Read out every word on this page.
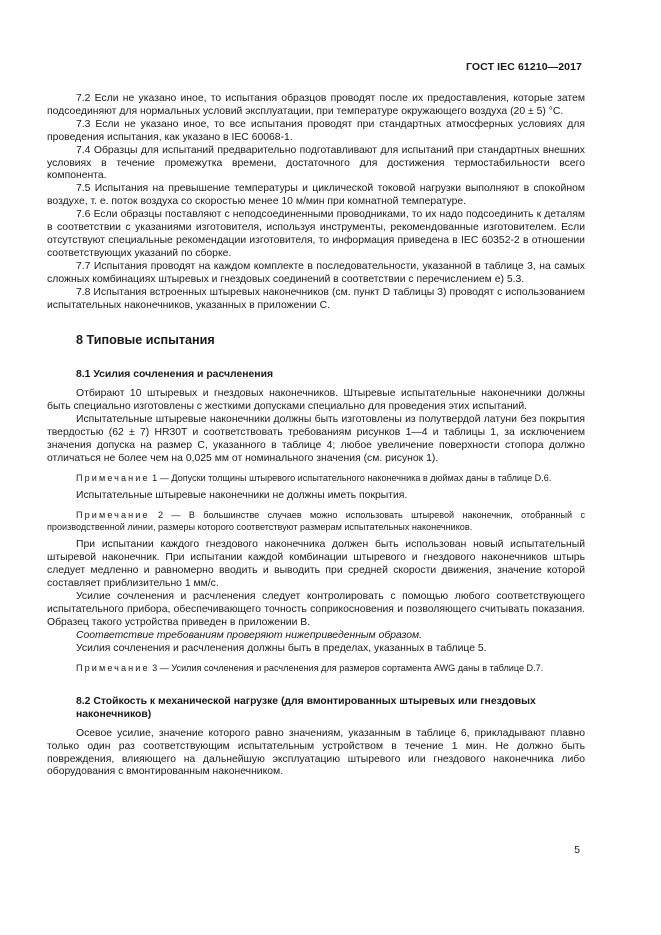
ГОСТ IEC 61210—2017

7.2 Если не указано иное, то испытания образцов проводят после их предоставления, которые затем подсоединяют для нормальных условий эксплуатации, при температуре окружающего воздуха (20 ± 5) °С.

7.3 Если не указано иное, то все испытания проводят при стандартных атмосферных условиях для проведения испытания, как указано в IEC 60068-1.

7.4 Образцы для испытаний предварительно подготавливают для испытаний при стандартных внешних условиях в течение промежутка времени, достаточного для достижения термостабильности всего компонента.

7.5 Испытания на превышение температуры и циклической токовой нагрузки выполняют в спокойном воздухе, т. е. поток воздуха со скоростью менее 10 м/мин при комнатной температуре.

7.6 Если образцы поставляют с неподсоединенными проводниками, то их надо подсоединить к деталям в соответствии с указаниями изготовителя, используя инструменты, рекомендованные изготовителем. Если отсутствуют специальные рекомендации изготовителя, то информация приведена в IEC 60352-2 в отношении соответствующих указаний по сборке.

7.7 Испытания проводят на каждом комплекте в последовательности, указанной в таблице 3, на самых сложных комбинациях штыревых и гнездовых соединений в соответствии с перечислением е) 5.3.

7.8 Испытания встроенных штыревых наконечников (см. пункт D таблицы 3) проводят с использованием испытательных наконечников, указанных в приложении С.

8 Типовые испытания
8.1 Усилия сочленения и расчленения

Отбирают 10 штыревых и гнездовых наконечников. Штыревые испытательные наконечники должны быть специально изготовлены с жесткими допусками специально для проведения этих испытаний.

Испытательные штыревые наконечники должны быть изготовлены из полутвердой латуни без покрытия твердостью (62 ± 7) HR30T и соответствовать требованиям рисунков 1—4 и таблицы 1, за исключением значения допуска на размер С, указанного в таблице 4; любое увеличение поверхности стопора должно отличаться не более чем на 0,025 мм от номинального значения (см. рисунок 1).

Примечание 1 — Допуски толщины штыревого испытательного наконечника в дюймах даны в таблице D.6.

Испытательные штыревые наконечники не должны иметь покрытия.

Примечание 2 — В большинстве случаев можно использовать штыревой наконечник, отобранный с производственной линии, размеры которого соответствуют размерам испытательных наконечников.

При испытании каждого гнездового наконечника должен быть использован новый испытательный штыревой наконечник. При испытании каждой комбинации штыревого и гнездового наконечников штырь следует медленно и равномерно вводить и выводить при средней скорости движения, значение которой составляет приблизительно 1 мм/с.

Усилие сочленения и расчленения следует контролировать с помощью любого соответствующего испытательного прибора, обеспечивающего точность соприкосновения и позволяющего считывать показания. Образец такого устройства приведен в приложении В.

Соответствие требованиям проверяют нижеприведенным образом.

Усилия сочленения и расчленения должны быть в пределах, указанных в таблице 5.

Примечание 3 — Усилия сочленения и расчленения для размеров сортамента AWG даны в таблице D.7.

8.2 Стойкость к механической нагрузке (для вмонтированных штыревых или гнездовых наконечников)

Осевое усилие, значение которого равно значениям, указанным в таблице 6, прикладывают плавно только один раз соответствующим испытательным устройством в течение 1 мин. Не должно быть повреждения, влияющего на дальнейшую эксплуатацию штыревого или гнездового наконечника либо оборудования с вмонтированным наконечником.

5
